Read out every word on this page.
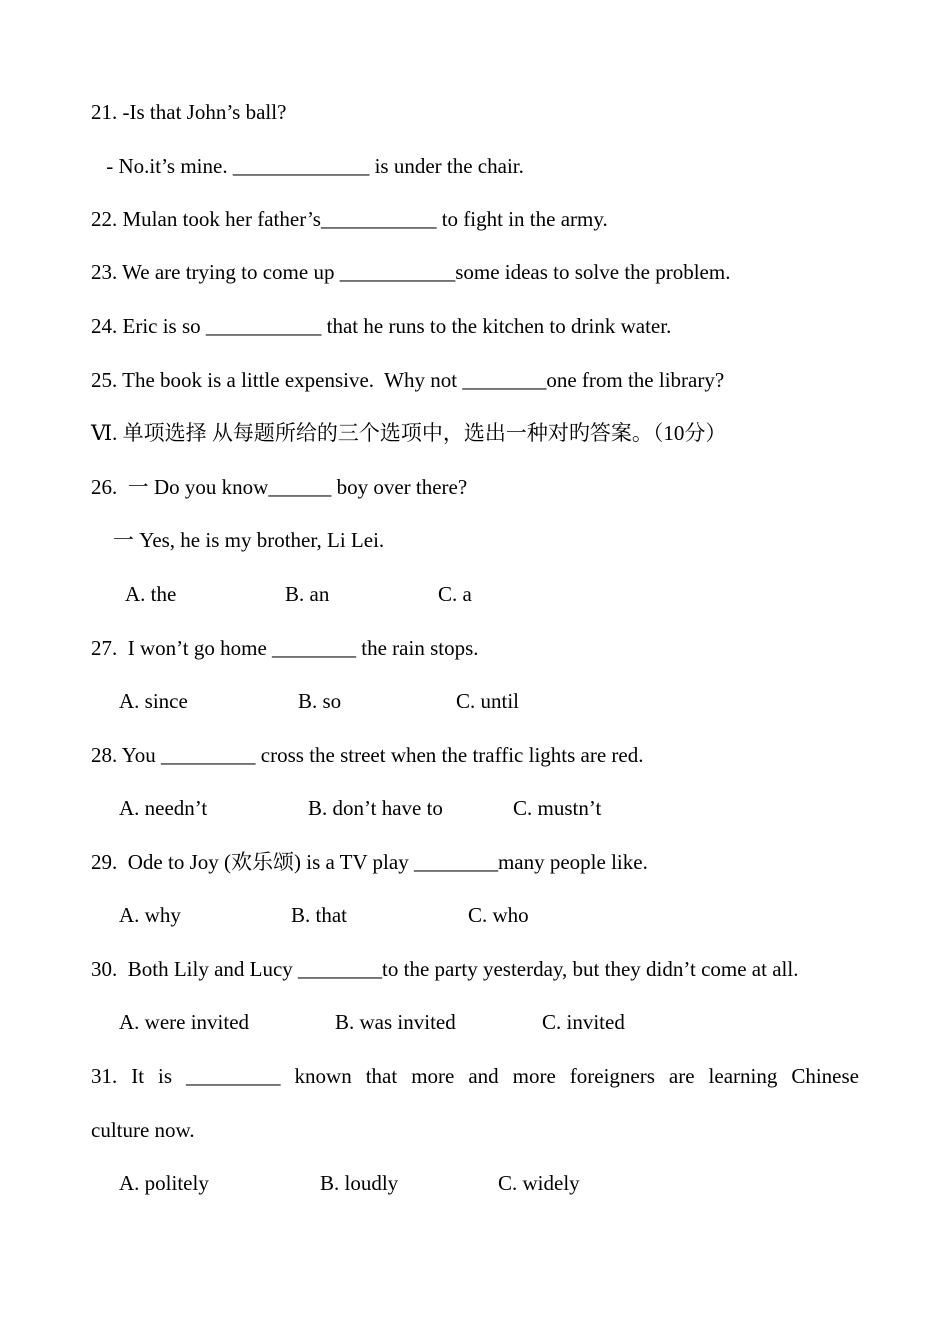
21. -Is that John’s ball?
- No.it’s mine. _____________ is under the chair.
22. Mulan took her father’s___________ to fight in the army.
23. We are trying to come up ___________some ideas to solve the problem.
24. Eric is so ___________ that he runs to the kitchen to drink water.
25. The book is a little expensive.  Why not ________one from the library?
Ⅵ. 单项选择 从每题所给的三个选项中，选出一种对旳答案。（10分）
26.  一 Do you know______ boy over there?
一 Yes, he is my brother, Li Lei.
A. the	B. an	C. a
27.  I won’t go home ________ the rain stops.
A. since	B. so	C. until
28. You _________ cross the street when the traffic lights are red.
A. needn’t	B. don’t have to	C. mustn’t
29.  Ode to Joy (欢乐颂) is a TV play ________many people like.
A. why	B. that	C. who
30.  Both Lily and Lucy ________to the party yesterday, but they didn’t come at all.
A. were invited	B. was invited	C. invited
31. It is _________ known that more and more foreigners are learning Chinese
culture now.
A. politely	B. loudly	C. widely
